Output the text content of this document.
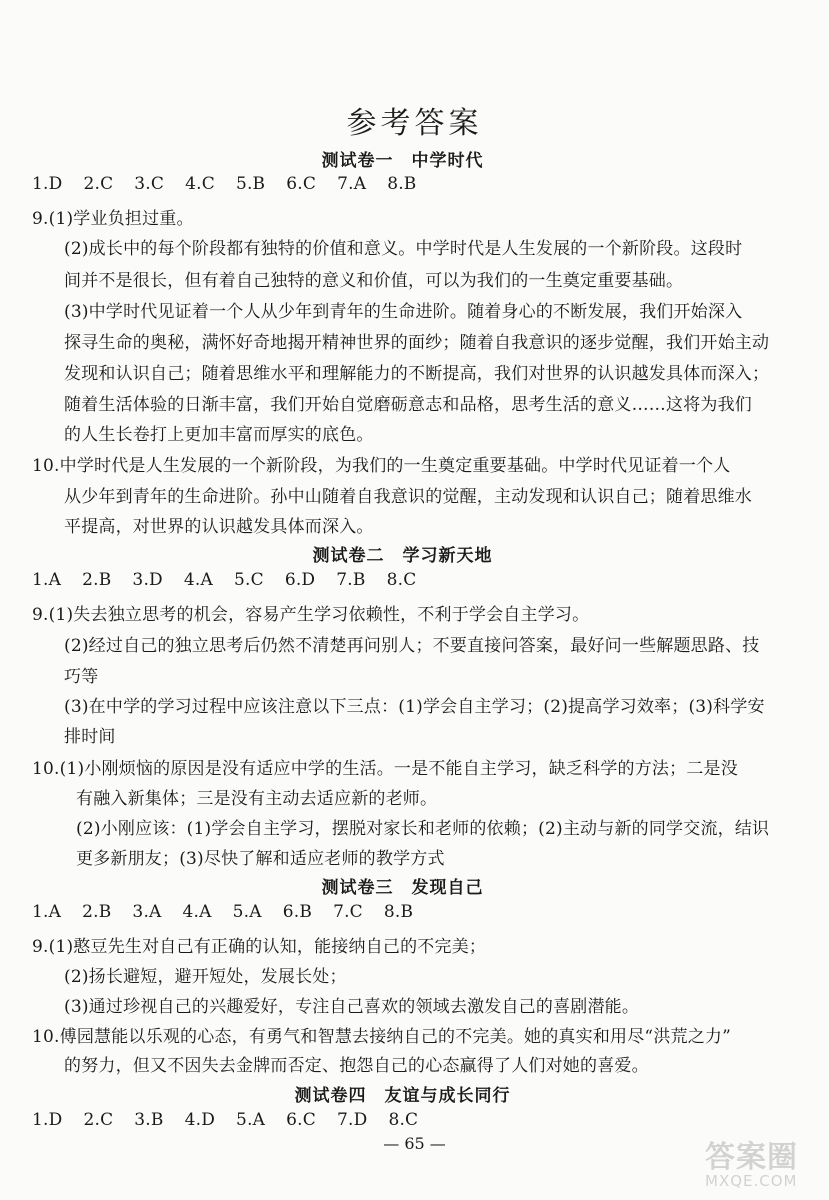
参考答案
测试卷一 中学时代
1.D 2.C 3.C 4.C 5.B 6.C 7.A 8.B
9.(1)学业负担过重。
(2)成长中的每个阶段都有独特的价值和意义。中学时代是人生发展的一个新阶段。这段时
间并不是很长，但有着自己独特的意义和价值，可以为我们的一生奠定重要基础。
(3)中学时代见证着一个人从少年到青年的生命进阶。随着身心的不断发展，我们开始深入
探寻生命的奥秘，满怀好奇地揭开精神世界的面纱；随着自我意识的逐步觉醒，我们开始主动
发现和认识自己；随着思维水平和理解能力的不断提高，我们对世界的认识越发具体而深入；
随着生活体验的日渐丰富，我们开始自觉磨砺意志和品格，思考生活的意义……这将为我们
的人生长卷打上更加丰富而厚实的底色。
10.中学时代是人生发展的一个新阶段，为我们的一生奠定重要基础。中学时代见证着一个人
从少年到青年的生命进阶。孙中山随着自我意识的觉醒，主动发现和认识自己；随着思维水
平提高，对世界的认识越发具体而深入。
测试卷二 学习新天地
1.A 2.B 3.D 4.A 5.C 6.D 7.B 8.C
9.(1)失去独立思考的机会，容易产生学习依赖性，不利于学会自主学习。
(2)经过自己的独立思考后仍然不清楚再问别人；不要直接问答案，最好问一些解题思路、技
巧等
(3)在中学的学习过程中应该注意以下三点：(1)学会自主学习；(2)提高学习效率；(3)科学安
排时间
10.(1)小刚烦恼的原因是没有适应中学的生活。一是不能自主学习，缺乏科学的方法；二是没
有融入新集体；三是没有主动去适应新的老师。
(2)小刚应该：(1)学会自主学习，摆脱对家长和老师的依赖；(2)主动与新的同学交流，结识
更多新朋友；(3)尽快了解和适应老师的教学方式
测试卷三 发现自己
1.A 2.B 3.A 4.A 5.A 6.B 7.C 8.B
9.(1)憨豆先生对自己有正确的认知，能接纳自己的不完美；
(2)扬长避短，避开短处，发展长处；
(3)通过珍视自己的兴趣爱好，专注自己喜欢的领域去激发自己的喜剧潜能。
10.傅园慧能以乐观的心态，有勇气和智慧去接纳自己的不完美。她的真实和用尽“洪荒之力”
的努力，但又不因失去金牌而否定、抱怨自己的心态赢得了人们对她的喜爱。
测试卷四 友谊与成长同行
1.D 2.C 3.B 4.D 5.A 6.C 7.D 8.C
— 65 —	答案圈
MXQE.COM
